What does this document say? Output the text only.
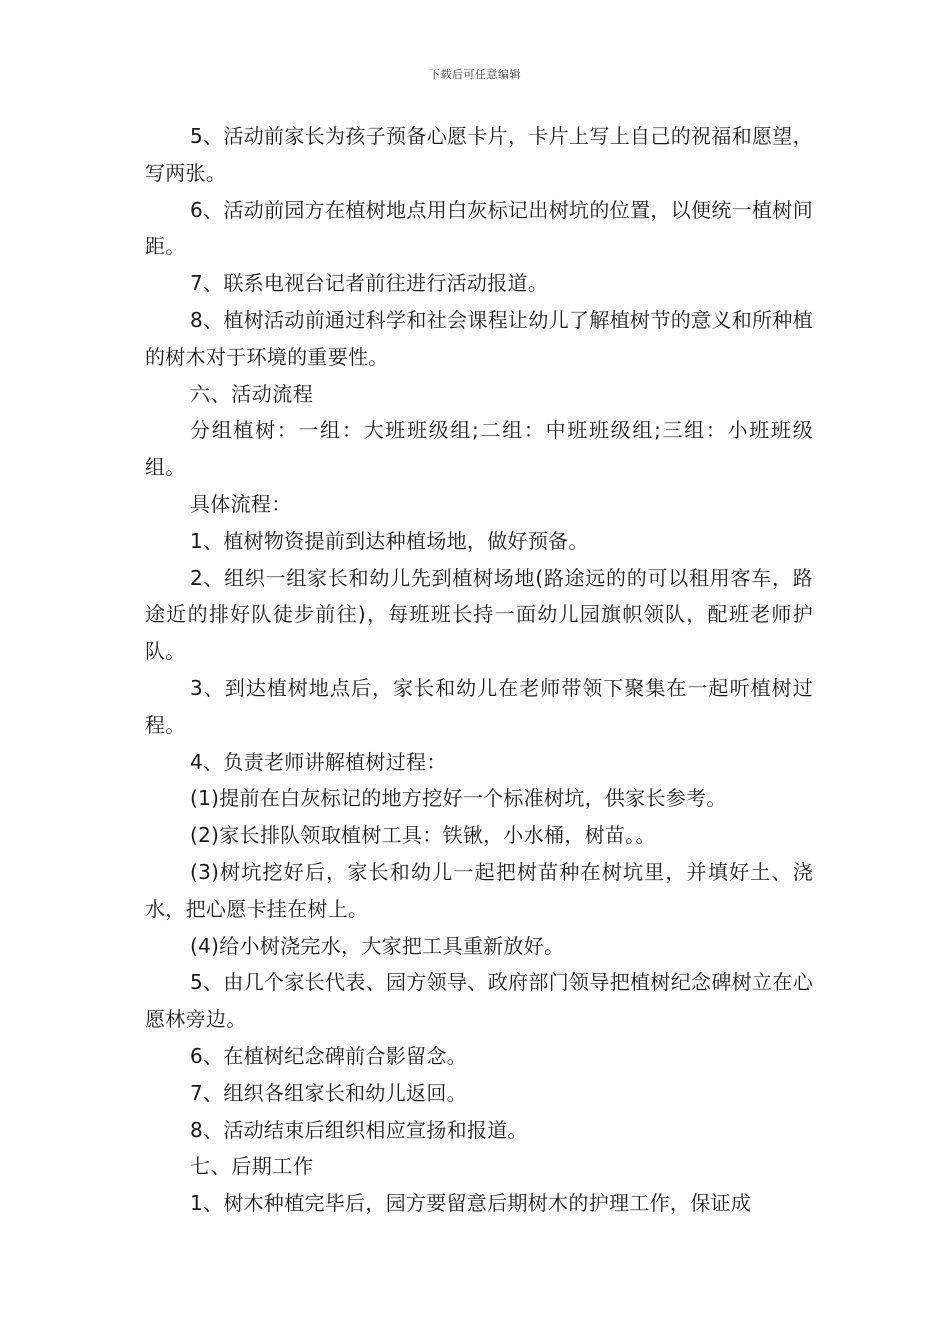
下载后可任意编辑

5、活动前家长为孩子预备心愿卡片，卡片上写上自己的祝福和愿望，写两张。

6、活动前园方在植树地点用白灰标记出树坑的位置，以便统一植树间距。

7、联系电视台记者前往进行活动报道。

8、植树活动前通过科学和社会课程让幼儿了解植树节的意义和所种植的树木对于环境的重要性。

六、活动流程

分组植树：一组：大班班级组;二组：中班班级组;三组：小班班级组。

具体流程：

1、植树物资提前到达种植场地，做好预备。

2、组织一组家长和幼儿先到植树场地(路途远的的可以租用客车，路途近的排好队徒步前往)，每班班长持一面幼儿园旗帜领队，配班老师护队。

3、到达植树地点后，家长和幼儿在老师带领下聚集在一起听植树过程。

4、负责老师讲解植树过程：

(1)提前在白灰标记的地方挖好一个标准树坑，供家长参考。

(2)家长排队领取植树工具：铁锹，小水桶，树苗。。

(3)树坑挖好后，家长和幼儿一起把树苗种在树坑里，并填好土、浇水，把心愿卡挂在树上。

(4)给小树浇完水，大家把工具重新放好。

5、由几个家长代表、园方领导、政府部门领导把植树纪念碑树立在心愿林旁边。

6、在植树纪念碑前合影留念。

7、组织各组家长和幼儿返回。

8、活动结束后组织相应宣扬和报道。

七、后期工作

1、树木种植完毕后，园方要留意后期树木的护理工作，保证成
